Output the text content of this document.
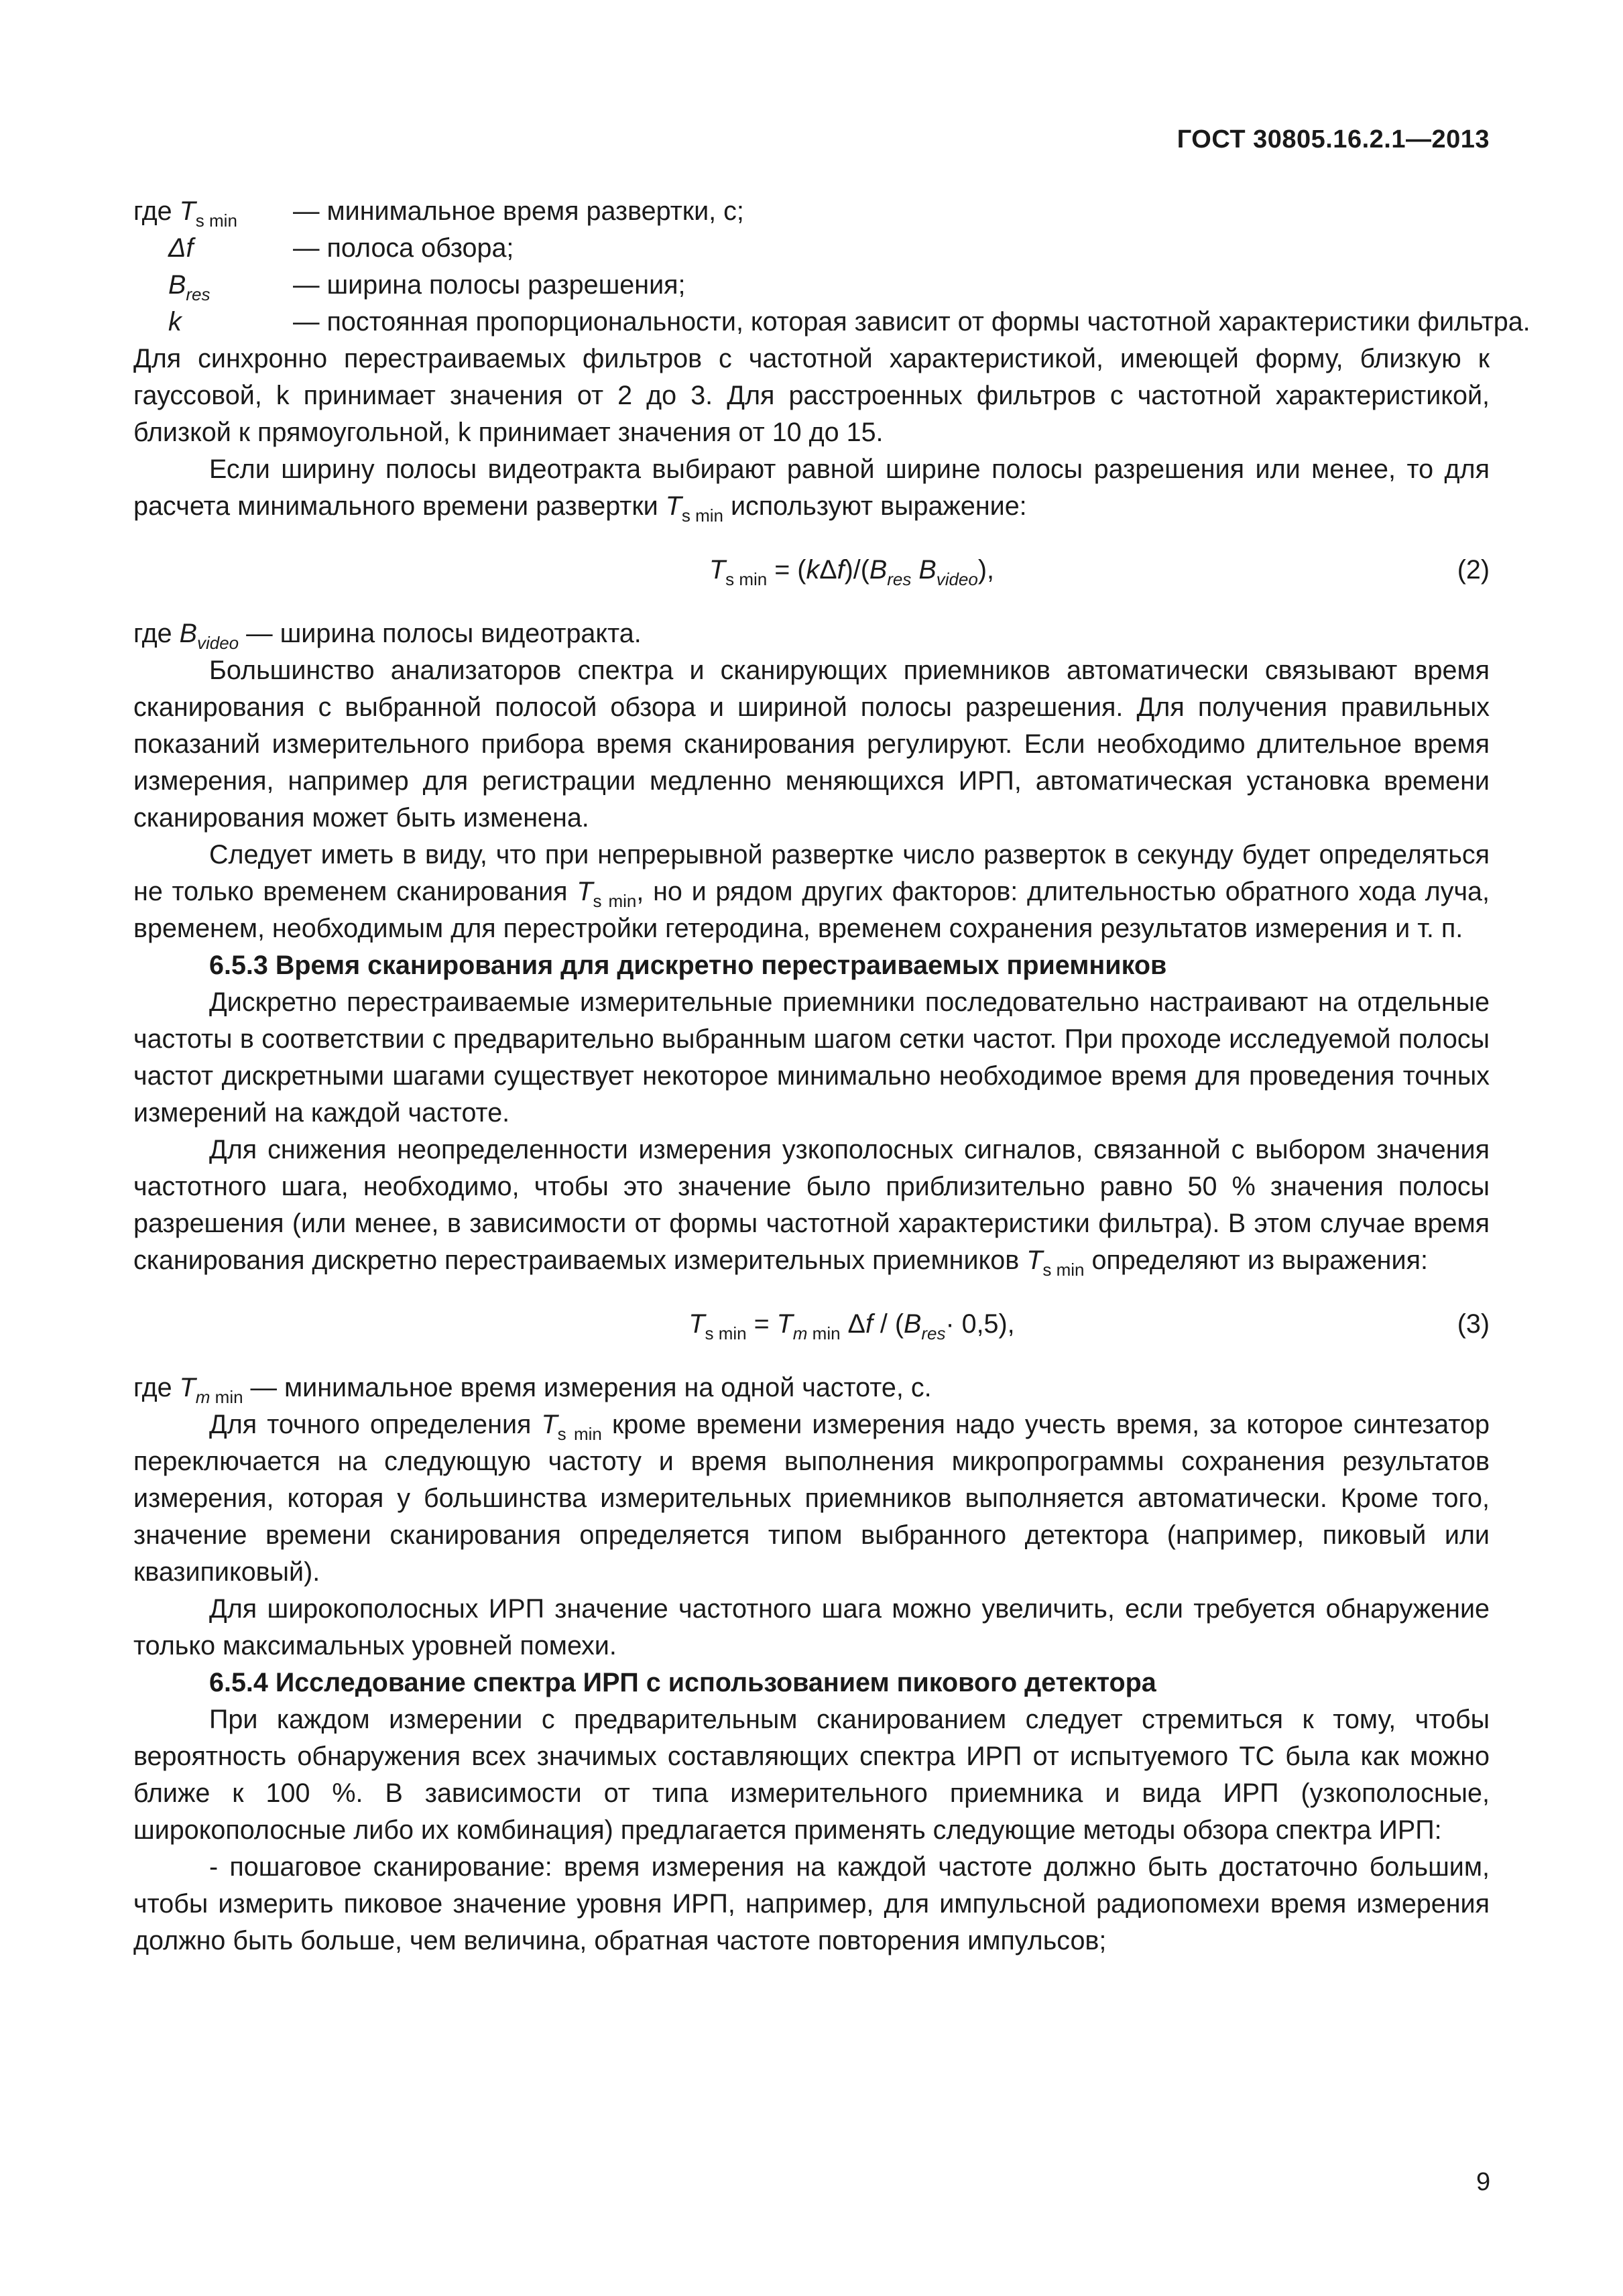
ГОСТ 30805.16.2.1—2013
где $T_{s min}$	— минимальное время развертки, с;
Δf	— полоса обзора;
$B_{res}$	— ширина полосы разрешения;
k	— постоянная пропорциональности, которая зависит от формы частотной характеристики фильтра.

Для синхронно перестраиваемых фильтров с частотной характеристикой, имеющей форму, близкую к гауссовой, k принимает значения от 2 до 3. Для расстроенных фильтров с частотной характеристикой, близкой к прямоугольной, k принимает значения от 10 до 15.

Если ширину полосы видеотракта выбирают равной ширине полосы разрешения или менее, то для расчета минимального времени развертки $T_{s min}$ используют выражение:

$T_{s min} = (k\Delta f)/(B_{res}$ $B_{video}$),	(2)

где $B_{video}$ — ширина полосы видеотракта.

Большинство анализаторов спектра и сканирующих приемников автоматически связывают время сканирования с выбранной полосой обзора и шириной полосы разрешения. Для получения правильных показаний измерительного прибора время сканирования регулируют. Если необходимо длительное время измерения, например для регистрации медленно меняющихся ИРП, автоматическая установка времени сканирования может быть изменена.

Следует иметь в виду, что при непрерывной развертке число разверток в секунду будет определяться не только временем сканирования $T_{s min}$, но и рядом других факторов: длительностью обратного хода луча, временем, необходимым для перестройки гетеродина, временем сохранения результатов измерения и т. п.

6.5.3 Время сканирования для дискретно перестраиваемых приемников

Дискретно перестраиваемые измерительные приемники последовательно настраивают на отдельные частоты в соответствии с предварительно выбранным шагом сетки частот. При проходе исследуемой полосы частот дискретными шагами существует некоторое минимально необходимое время для проведения точных измерений на каждой частоте.

Для снижения неопределенности измерения узкополосных сигналов, связанной с выбором значения частотного шага, необходимо, чтобы это значение было приблизительно равно 50 % значения полосы разрешения (или менее, в зависимости от формы частотной характеристики фильтра). В этом случае время сканирования дискретно перестраиваемых измерительных приемников $T_{s min}$ определяют из выражения:

$T_{s min} = T_{m min}$ $\Delta f / (B_{res}\cdot 0,5)$,	(3)

где $T_{m min}$ — минимальное время измерения на одной частоте, с.

Для точного определения $T_{s min}$ кроме времени измерения надо учесть время, за которое синтезатор переключается на следующую частоту и время выполнения микропрограммы сохранения результатов измерения, которая у большинства измерительных приемников выполняется автоматически. Кроме того, значение времени сканирования определяется типом выбранного детектора (например, пиковый или квазипиковый).

Для широкополосных ИРП значение частотного шага можно увеличить, если требуется обнаружение только максимальных уровней помехи.

6.5.4 Исследование спектра ИРП с использованием пикового детектора

При каждом измерении с предварительным сканированием следует стремиться к тому, чтобы вероятность обнаружения всех значимых составляющих спектра ИРП от испытуемого ТС была как можно ближе к 100 %. В зависимости от типа измерительного приемника и вида ИРП (узкополосные, широкополосные либо их комбинация) предлагается применять следующие методы обзора спектра ИРП:

- пошаговое сканирование: время измерения на каждой частоте должно быть достаточно большим, чтобы измерить пиковое значение уровня ИРП, например, для импульсной радиопомехи время измерения должно быть больше, чем величина, обратная частоте повторения импульсов;

9
